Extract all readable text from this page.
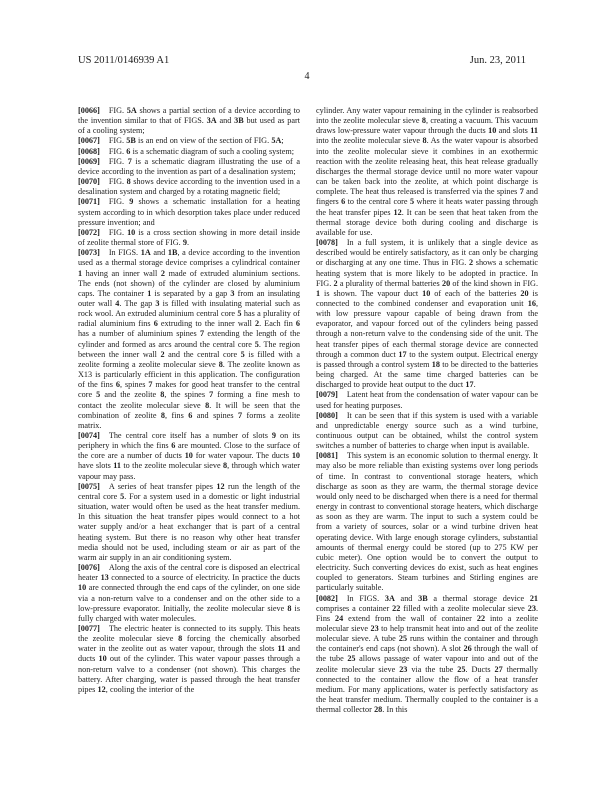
US 2011/0146939 A1	Jun. 23, 2011
4

[0066] FIG. 5A shows a partial section of a device according to the invention similar to that of FIGS. 3A and 3B but used as part of a cooling system;

[0067] FIG. 5B is an end on view of the section of FIG. 5A;

[0068] FIG. 6 is a schematic diagram of such a cooling system;

[0069] FIG. 7 is a schematic diagram illustrating the use of a device according to the invention as part of a desalination system;

[0070] FIG. 8 shows device according to the invention used in a desalination system and charged by a rotating magnetic field;

[0071] FIG. 9 shows a schematic installation for a heating system according to in which desorption takes place under reduced pressure invention; and

[0072] FIG. 10 is a cross section showing in more detail inside of zeolite thermal store of FIG. 9.

[0073] In FIGS. 1A and 1B, a device according to the invention used as a thermal storage device comprises a cylindrical container 1 having an inner wall 2 made of extruded aluminium sections. The ends (not shown) of the cylinder are closed by aluminium caps. The container 1 is separated by a gap 3 from an insulating outer wall 4. The gap 3 is filled with insulating material such as rock wool. An extruded aluminium central core 5 has a plurality of radial aluminium fins 6 extruding to the inner wall 2. Each fin 6 has a number of aluminium spines 7 extending the length of the cylinder and formed as arcs around the central core 5. The region between the inner wall 2 and the central core 5 is filled with a zeolite forming a zeolite molecular sieve 8. The zeolite known as X13 is particularly efficient in this application. The configuration of the fins 6, spines 7 makes for good heat transfer to the central core 5 and the zeolite 8, the spines 7 forming a fine mesh to contact the zeolite molecular sieve 8. It will be seen that the combination of zeolite 8, fins 6 and spines 7 forms a zeolite matrix.

[0074] The central core itself has a number of slots 9 on its periphery in which the fins 6 are mounted. Close to the surface of the core are a number of ducts 10 for water vapour. The ducts 10 have slots 11 to the zeolite molecular sieve 8, through which water vapour may pass.

[0075] A series of heat transfer pipes 12 run the length of the central core 5. For a system used in a domestic or light industrial situation, water would often be used as the heat transfer medium. In this situation the heat transfer pipes would connect to a hot water supply and/or a heat exchanger that is part of a central heating system. But there is no reason why other heat transfer media should not be used, including steam or air as part of the warm air supply in an air conditioning system.

[0076] Along the axis of the central core is disposed an electrical heater 13 connected to a source of electricity. In practice the ducts 10 are connected through the end caps of the cylinder, on one side via a non-return valve to a condenser and on the other side to a low-pressure evaporator. Initially, the zeolite molecular sieve 8 is fully charged with water molecules.

[0077] The electric heater is connected to its supply. This heats the zeolite molecular sieve 8 forcing the chemically absorbed water in the zeolite out as water vapour, through the slots 11 and ducts 10 out of the cylinder. This water vapour passes through a non-return valve to a condenser (not shown). This charges the battery. After charging, water is passed through the heat transfer pipes 12, cooling the interior of the

cylinder. Any water vapour remaining in the cylinder is reabsorbed into the zeolite molecular sieve 8, creating a vacuum. This vacuum draws low-pressure water vapour through the ducts 10 and slots 11 into the zeolite molecular sieve 8. As the water vapour is absorbed into the zeolite molecular sieve it combines in an exothermic reaction with the zeolite releasing heat, this heat release gradually discharges the thermal storage device until no more water vapour can be taken back into the zeolite, at which point discharge is complete. The heat thus released is transferred via the spines 7 and fingers 6 to the central core 5 where it heats water passing through the heat transfer pipes 12. It can be seen that heat taken from the thermal storage device both during cooling and discharge is available for use.

[0078] In a full system, it is unlikely that a single device as described would be entirely satisfactory, as it can only be charging or discharging at any one time. Thus in FIG. 2 shows a schematic heating system that is more likely to be adopted in practice. In FIG. 2 a plurality of thermal batteries 20 of the kind shown in FIG. 1 is shown. The vapour duct 10 of each of the batteries 20 is connected to the combined condenser and evaporation unit 16, with low pressure vapour capable of being drawn from the evaporator, and vapour forced out of the cylinders being passed through a non-return valve to the condensing side of the unit. The heat transfer pipes of each thermal storage device are connected through a common duct 17 to the system output. Electrical energy is passed through a control system 18 to be directed to the batteries being charged. At the same time charged batteries can be discharged to provide heat output to the duct 17.

[0079] Latent heat from the condensation of water vapour can be used for heating purposes.

[0080] It can be seen that if this system is used with a variable and unpredictable energy source such as a wind turbine, continuous output can be obtained, whilst the control system switches a number of batteries to charge when input is available.

[0081] This system is an economic solution to thermal energy. It may also be more reliable than existing systems over long periods of time. In contrast to conventional storage heaters, which discharge as soon as they are warm, the thermal storage device would only need to be discharged when there is a need for thermal energy in contrast to conventional storage heaters, which discharge as soon as they are warm. The input to such a system could be from a variety of sources, solar or a wind turbine driven heat operating device. With large enough storage cylinders, substantial amounts of thermal energy could be stored (up to 275 KW per cubic meter). One option would be to convert the output to electricity. Such converting devices do exist, such as heat engines coupled to generators. Steam turbines and Stirling engines are particularly suitable.

[0082] In FIGS. 3A and 3B a thermal storage device 21 comprises a container 22 filled with a zeolite molecular sieve 23. Fins 24 extend from the wall of container 22 into a zeolite molecular sieve 23 to help transmit heat into and out of the zeolite molecular sieve. A tube 25 runs within the container and through the container's end caps (not shown). A slot 26 through the wall of the tube 25 allows passage of water vapour into and out of the zeolite molecular sieve 23 via the tube 25. Ducts 27 thermally connected to the container allow the flow of a heat transfer medium. For many applications, water is perfectly satisfactory as the heat transfer medium. Thermally coupled to the container is a thermal collector 28. In this
